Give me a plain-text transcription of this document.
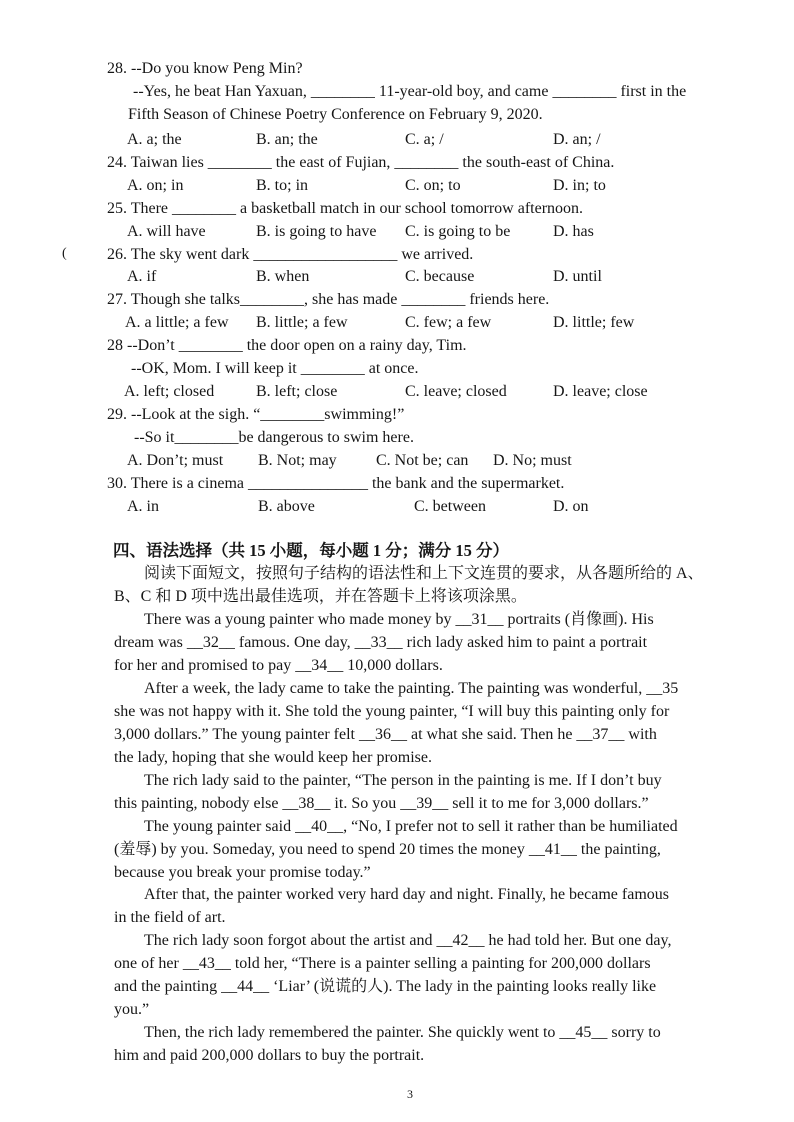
28. --Do you know Peng Min?
--Yes, he beat Han Yaxuan, ________ 11-year-old boy, and came ________ first in the
Fifth Season of Chinese Poetry Conference on February 9, 2020.
A. a; the	B. an; the	C. a; /	D. an; /
24. Taiwan lies ________ the east of Fujian, ________ the south-east of China.
A. on; in	B. to; in	C. on; to	D. in; to
25. There ________ a basketball match in our school tomorrow afternoon.
A. will have	B. is going to have C. is going to be	D. has
(	26. The sky went dark __________________ we arrived.
A. if	B. when	C. because	D. until
27. Though she talks________, she has made ________ friends here.
A. a little; a few B. little; a few	C. few; a few	D. little; few
28 --Don’t ________ the door open on a rainy day, Tim.
--OK, Mom. I will keep it ________ at once.
A. left; closed	B. left; close	C. leave; closed	D. leave; close
29. --Look at the sigh. “________swimming!”
--So it________be dangerous to swim here.
A. Don’t; must B. Not; may C. Not be; can D. No; must
30. There is a cinema _______________ the bank and the supermarket.
A. in	B. above	C. between	D. on
四、语法选择（共 15 小题，每小题 1 分；满分 15 分）
阅读下面短文，按照句子结构的语法性和上下文连贯的要求，从各题所给的 A、
B、C 和 D 项中选出最佳选项，并在答题卡上将该项涂黑。
There was a young painter who made money by __31__ portraits (肖像画). His
dream was __32__ famous. One day, __33__ rich lady asked him to paint a portrait
for her and promised to pay __34__ 10,000 dollars.
After a week, the lady came to take the painting. The painting was wonderful, __35
she was not happy with it. She told the young painter, “I will buy this painting only for
3,000 dollars.” The young painter felt __36__ at what she said. Then he __37__ with
the lady, hoping that she would keep her promise.
The rich lady said to the painter, “The person in the painting is me. If I don’t buy
this painting, nobody else __38__ it. So you __39__ sell it to me for 3,000 dollars.”
The young painter said __40__, “No, I prefer not to sell it rather than be humiliated
(羞辱) by you. Someday, you need to spend 20 times the money __41__ the painting,
because you break your promise today.”
After that, the painter worked very hard day and night. Finally, he became famous
in the field of art.
The rich lady soon forgot about the artist and __42__ he had told her. But one day,
one of her __43__ told her, “There is a painter selling a painting for 200,000 dollars
and the painting __44__ ‘Liar’ (说谎的人). The lady in the painting looks really like
you.”
Then, the rich lady remembered the painter. She quickly went to __45__ sorry to
him and paid 200,000 dollars to buy the portrait.
3
